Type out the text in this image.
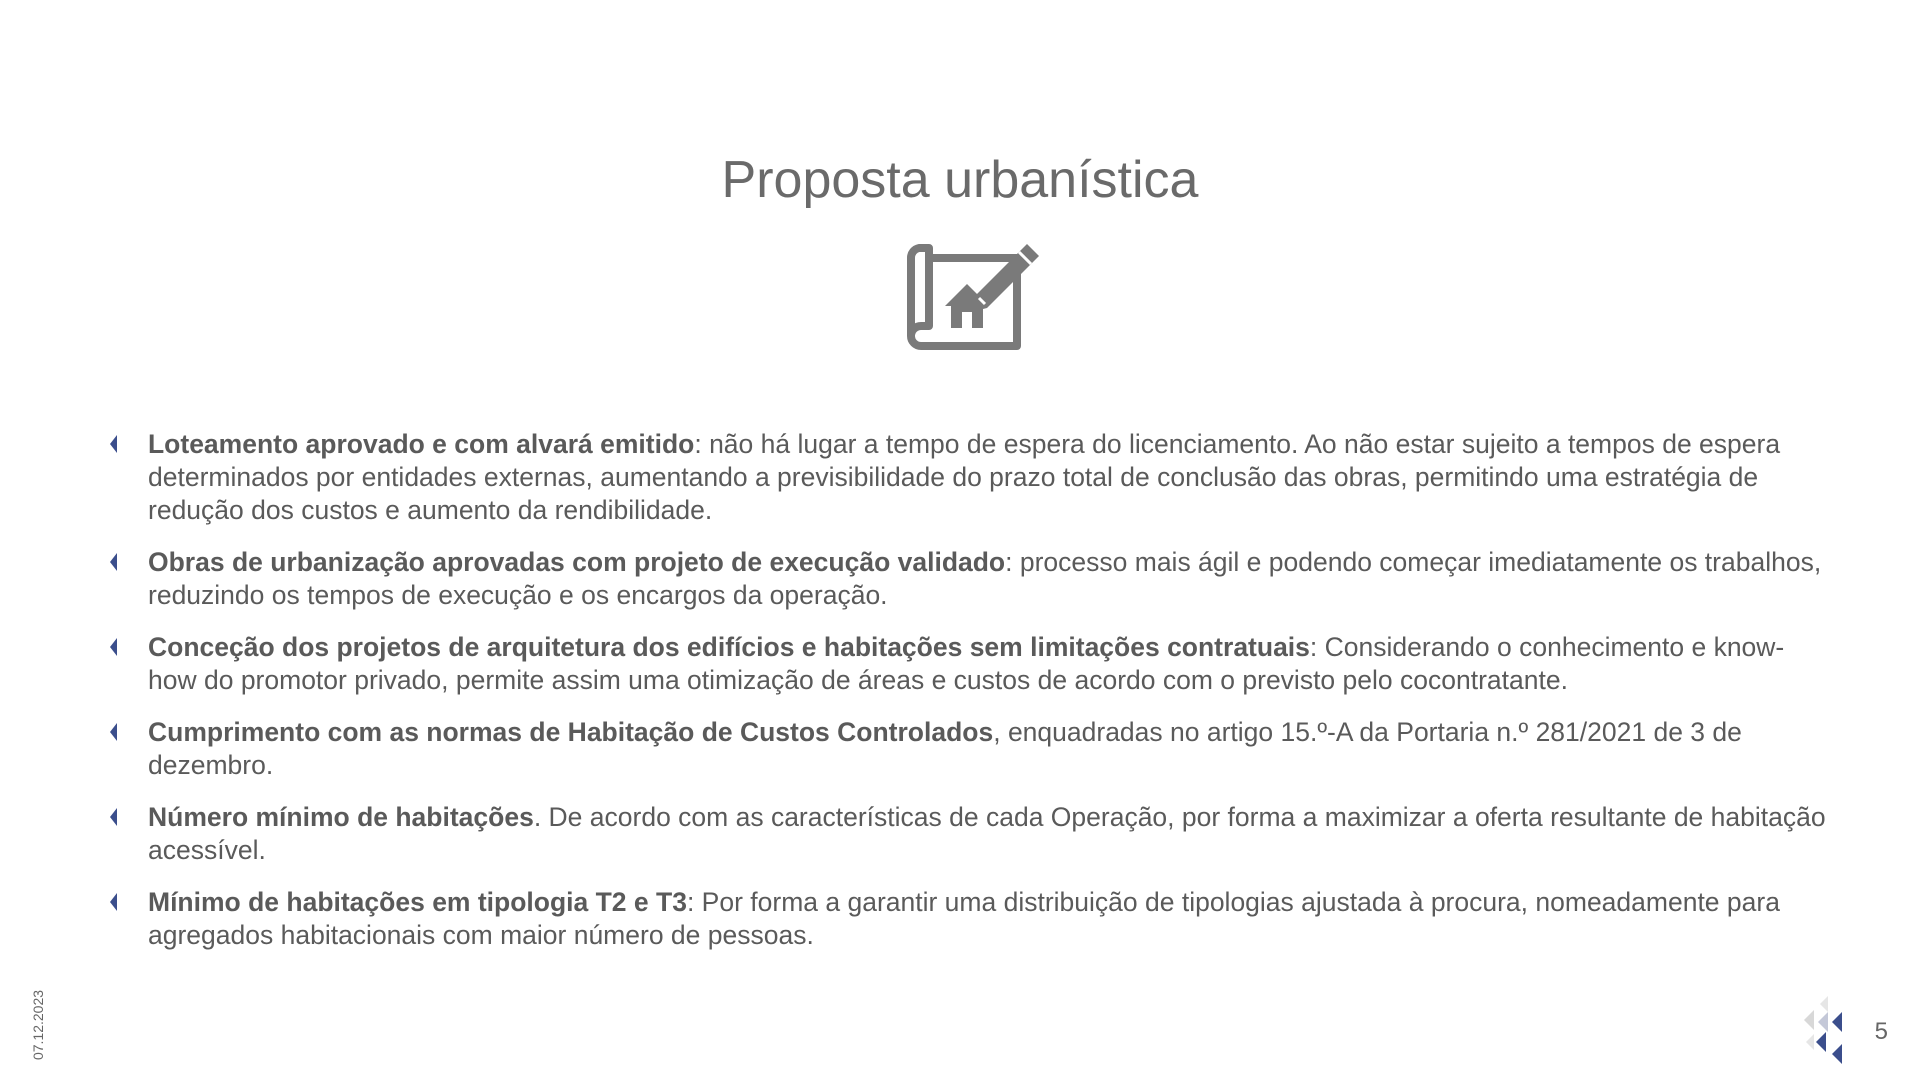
Proposta urbanística
Loteamento aprovado e com alvará emitido: não há lugar a tempo de espera do licenciamento. Ao não estar sujeito a tempos de espera determinados por entidades externas, aumentando a previsibilidade do prazo total de conclusão das obras, permitindo uma estratégia de redução dos custos e aumento da rendibilidade.
Obras de urbanização aprovadas com projeto de execução validado: processo mais ágil e podendo começar imediatamente os trabalhos, reduzindo os tempos de execução e os encargos da operação.
Conceção dos projetos de arquitetura dos edifícios e habitações sem limitações contratuais: Considerando o conhecimento e know-how do promotor privado, permite assim uma otimização de áreas e custos de acordo com o previsto pelo cocontratante.
Cumprimento com as normas de Habitação de Custos Controlados, enquadradas no artigo 15.º-A da Portaria n.º 281/2021 de 3 de dezembro.
Número mínimo de habitações. De acordo com as características de cada Operação, por forma a maximizar a oferta resultante de habitação acessível.
Mínimo de habitações em tipologia T2 e T3: Por forma a garantir uma distribuição de tipologias ajustada à procura, nomeadamente para agregados habitacionais com maior número de pessoas.
07.12.2023	5
